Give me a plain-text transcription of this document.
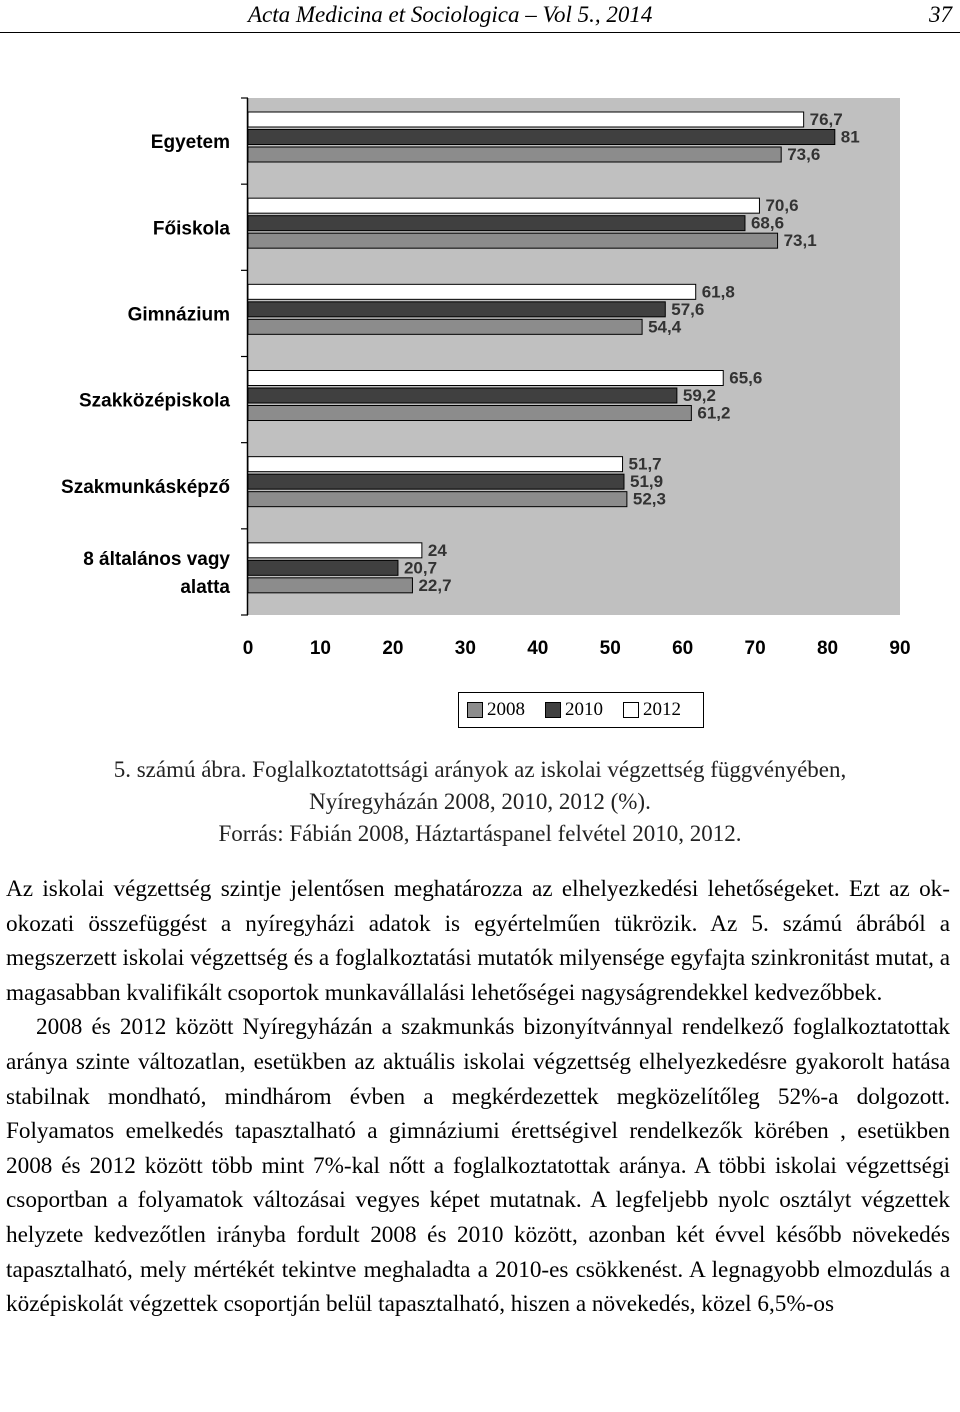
Acta Medicina et Sociologica – Vol 5., 2014	37
Egyetem
76,7
81
73,6
Főiskola
70,6
68,6
73,1
Gimnázium
61,8
57,6
54,4
Szakközépiskola
65,6
59,2
61,2
Szakmunkásképző
51,7
51,9
52,3
8 általános vagy
alatta
24
20,7
22,7
0	10	20	30	40	50	60	70	80	90
2008 2010 2012
5. számú ábra. Foglalkoztatottsági arányok az iskolai végzettség függvényében,
Nyíregyházán 2008, 2010, 2012 (%).
Forrás: Fábián 2008, Háztartáspanel felvétel 2010, 2012.

Az iskolai végzettség szintje jelentősen meghatározza az elhelyezkedési lehetőségeket. Ezt az ok-okozati összefüggést a nyíregyházi adatok is egyértelműen tükrözik. Az 5. számú ábrából a megszerzett iskolai végzettség és a foglalkoztatási mutatók milyensége egyfajta szinkronitást mutat, a magasabban kvalifikált csoportok munkavállalási lehetőségei nagyságrendekkel kedvezőbbek.

2008 és 2012 között Nyíregyházán a szakmunkás bizonyítvánnyal rendelkező foglalkoztatottak aránya szinte változatlan, esetükben az aktuális iskolai végzettség elhelyezkedésre gyakorolt hatása stabilnak mondható, mindhárom évben a megkérdezettek megközelítőleg 52%-a dolgozott. Folyamatos emelkedés tapasztalható a gimnáziumi érettségivel rendelkezők körében , esetükben 2008 és 2012 között több mint 7%-kal nőtt a foglalkoztatottak aránya. A többi iskolai végzettségi csoportban a folyamatok változásai vegyes képet mutatnak. A legfeljebb nyolc osztályt végzettek helyzete kedvezőtlen irányba fordult 2008 és 2010 között, azonban két évvel később növekedés tapasztalható, mely mértékét tekintve meghaladta a 2010-es csökkenést. A legnagyobb elmozdulás a középiskolát végzettek csoportján belül tapasztalható, hiszen a növekedés, közel 6,5%-os
